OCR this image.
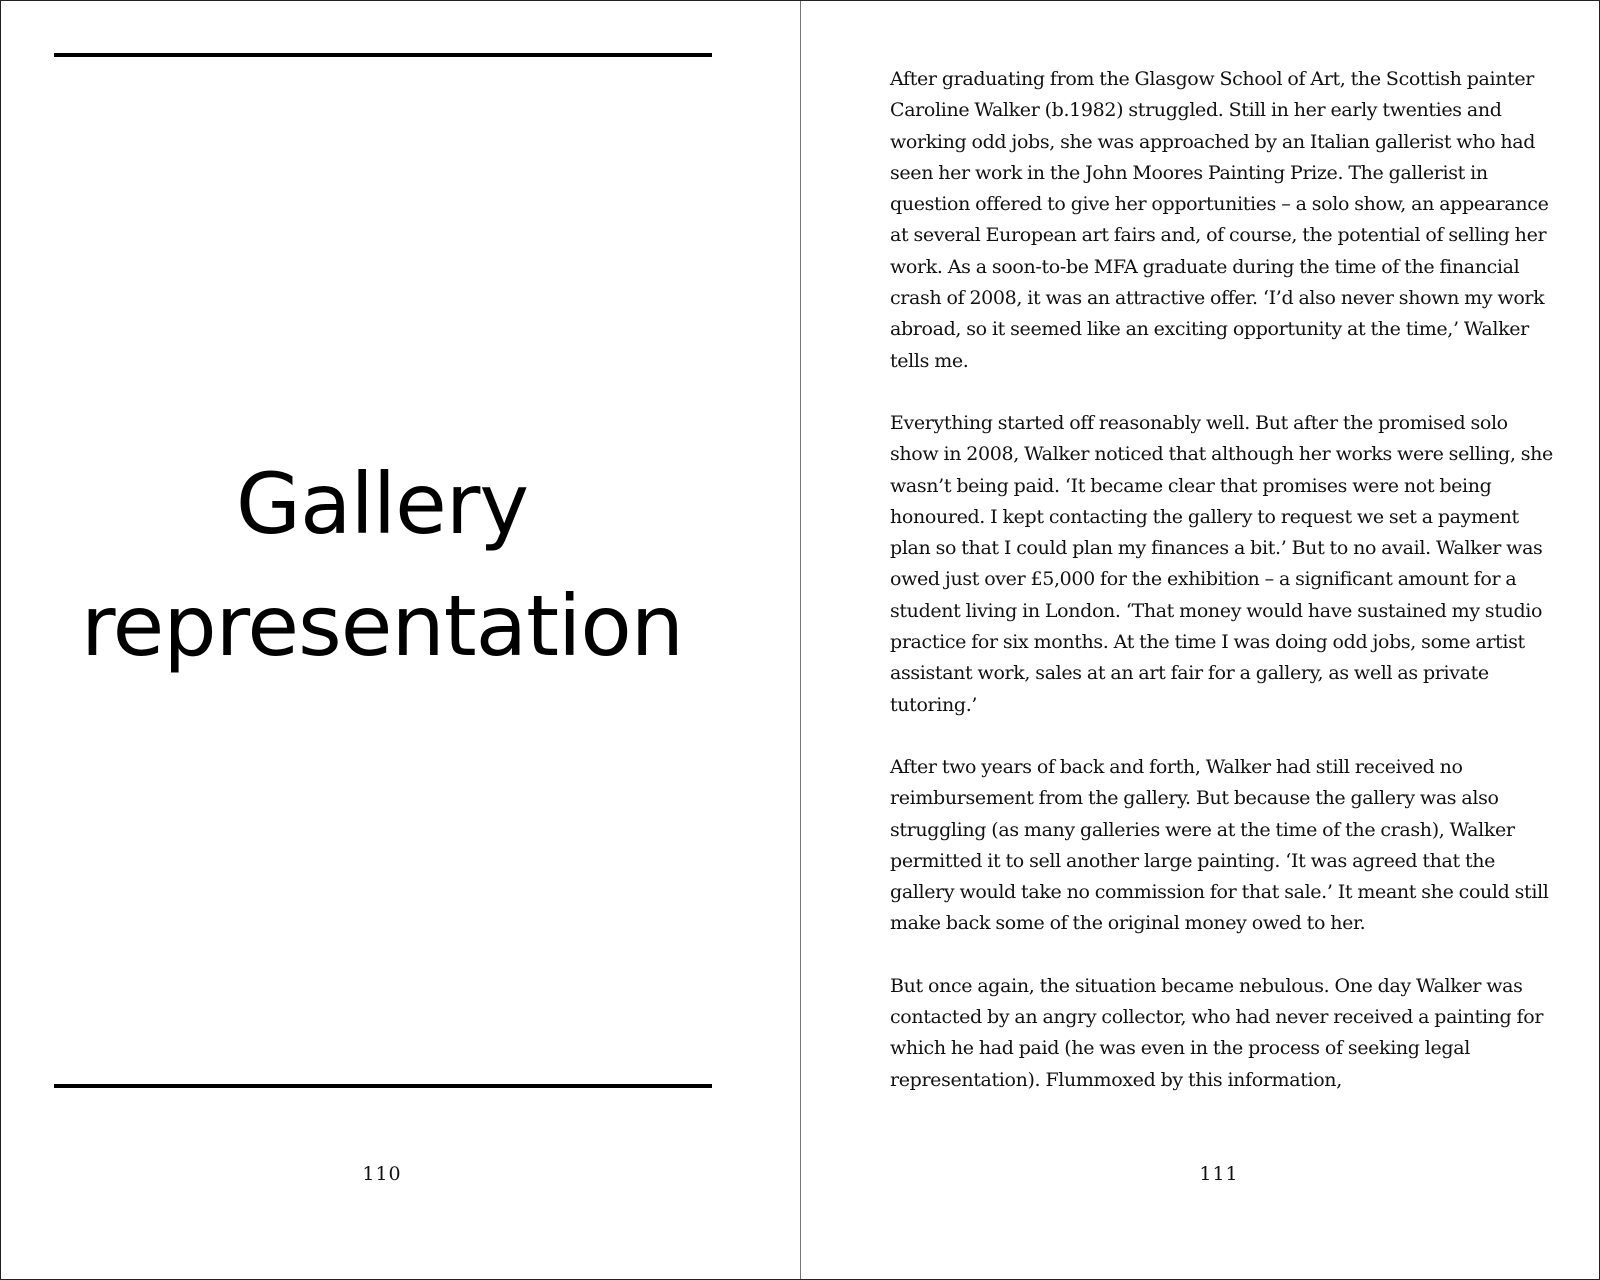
Gallery
representation
110

After graduating from the Glasgow School of Art, the Scottish painter Caroline Walker (b.1982) struggled. Still in her early twenties and working odd jobs, she was approached by an Italian gallerist who had seen her work in the John Moores Painting Prize. The gallerist in question offered to give her opportunities – a solo show, an appearance at several European art fairs and, of course, the potential of selling her work. As a soon-to-be MFA graduate during the time of the financial crash of 2008, it was an attractive offer. ‘I’d also never shown my work abroad, so it seemed like an exciting opportunity at the time,’ Walker tells me.

Everything started off reasonably well. But after the promised solo show in 2008, Walker noticed that although her works were selling, she wasn’t being paid. ‘It became clear that promises were not being honoured. I kept contacting the gallery to request we set a payment plan so that I could plan my finances a bit.’ But to no avail. Walker was owed just over £5,000 for the exhibition – a significant amount for a student living in London. ‘That money would have sustained my studio practice for six months. At the time I was doing odd jobs, some artist assistant work, sales at an art fair for a gallery, as well as private tutoring.’

After two years of back and forth, Walker had still received no reimbursement from the gallery. But because the gallery was also struggling (as many galleries were at the time of the crash), Walker permitted it to sell another large painting. ‘It was agreed that the gallery would take no commission for that sale.’ It meant she could still make back some of the original money owed to her.

But once again, the situation became nebulous. One day Walker was contacted by an angry collector, who had never received a painting for which he had paid (he was even in the process of seeking legal representation). Flummoxed by this information,

111
